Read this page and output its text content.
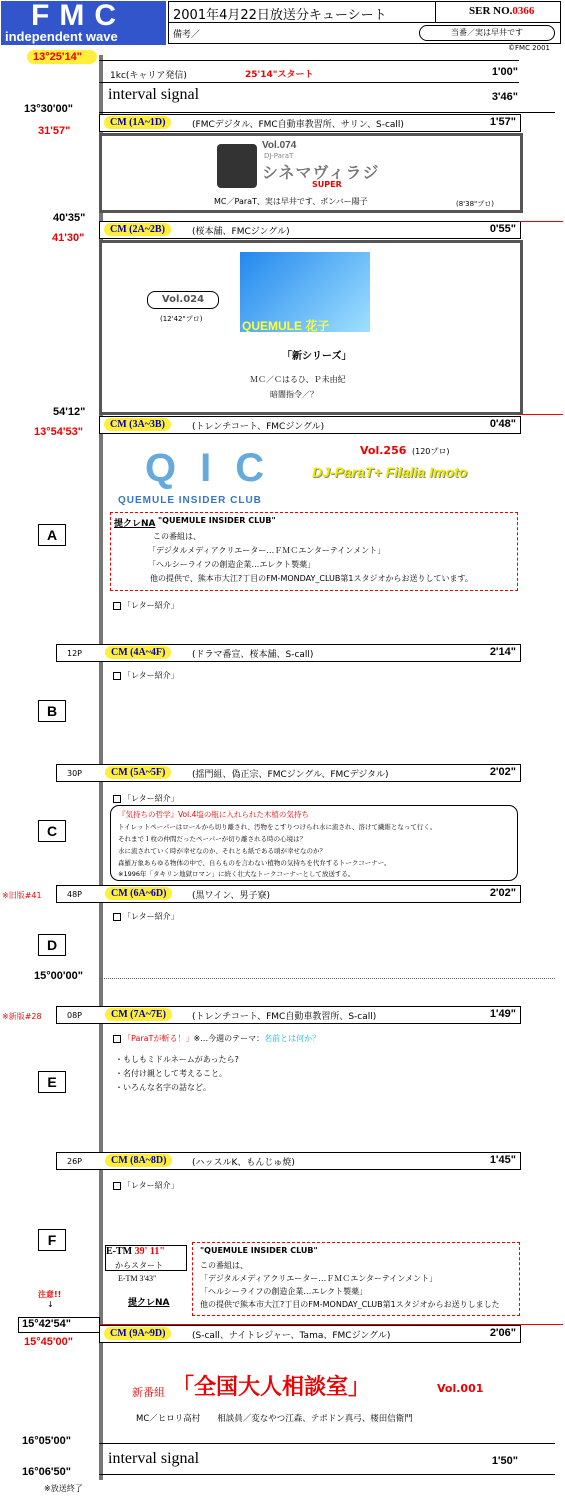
FMC
independent wave
2001年4月22日放送分キューシート	SER NO.0366
備考／	当番／実は早井です
©FMC 2001
13°25'14"
1kc(キャリア発信)	25'14"スタート	1'00"
interval signal	3'46"
13°30'00"
CM (1A~1D)	(FMCデジタル、FMC自動車教習所、サリン、S-call)	1'57"
31'57"
Vol.074
DJ-ParaT
シネマヴィラジ
SUPER
MC／ParaT、実は早井です、ボンバー陽子	(8'38"プロ)
40'35"
CM (2A~2B)	(桜本舗、FMCジングル)	0'55"
41'30"
QUEMULE 花子
Vol.024
(12'42"プロ)
「新シリーズ」
ＭＣ／Ｃはるひ、Ｐ未由紀
暗闇指令／？
54'12"
CM (3A~3B)	(トレンチコート、FMCジングル)	0'48"
13°54'53"
QIC
QUEMULE INSIDER CLUB
Vol.256 (120プロ)
DJ-ParaT+ Filalia Imoto
A
提クレNA "QUEMULE INSIDER CLUB"
この番組は、
「デジタルメディアクリエーター…ＦＭＣエンターテインメント」
「ヘルシーライフの創造企業…エレクト製薬」
他の提供で、熊本市大江?丁目のFM-MONDAY_CLUB第1スタジオからお送りしています。
「レター紹介」
12P	CM (4A~4F)	(ドラマ番宣、桜本舗、S-call)	2'14"
「レター紹介」
B
30P	CM (5A~5F)	(揺門組、偽正宗、FMCジングル、FMCデジタル)	2'02"
「レター紹介」
『気持ちの哲学』Vol.4塩の瓶に入れられた木植の気持ち
トイレットペーパーはロールから切り離され、汚物をこすりつけられ水に流され、溶けて繊維となって行く。
それまで１枚の仲間だったペーパーが切り離される時の心境は？
水に流されていく時が幸せなのか、それとも紙である頃が幸せなのか？
森羅万象あらゆる物体の中で、自らものを言わない植物の気持ちを代弁するトークコーナー。
※1996年「タキリン地獄ロマン」に続く壮大なトークコーナーとして放送する。
C
※旧版#41	48P	CM (6A~6D)	(黒ワイン、男子寮)	2'02"
「レター紹介」
D
15°00'00"
※新版#28	08P	CM (7A~7E)	(トレンチコート、FMC自動車教習所、S-call)	1'49"
「ParaTが斬る！」※…今週のテーマ：名前とは何か？
・もしもミドルネームがあったら?
・名付け親として考えること。
・いろんな名字の話など。
E
26P	CM (8A~8D)	(ハッスルK、もんじゅ焼)	1'45"
「レター紹介」
F
E-TM 39' 11"
からスタート
E-TM 3'43"
提クレNA
"QUEMULE INSIDER CLUB"
この番組は、
「デジタルメディアクリエーター…ＦＭＣエンターテインメント」
「ヘルシーライフの創造企業…エレクト製薬」
他の提供で熊本市大江?丁目のFM-MONDAY_CLUB第1スタジオからお送りしました
注意!!
↓
15°42'54"
CM (9A~9D)	(S-call、ナイトレジャー、Tama、FMCジングル)	2'06"
15°45'00"
新番組 「全国大人相談室」	Vol.001
MC／ヒロリ高村　　相談員／変なやつ江森、テポドン真弓、楼田信衛門
16°05'00"
interval signal	1'50"
16°06'50"
※放送終了
